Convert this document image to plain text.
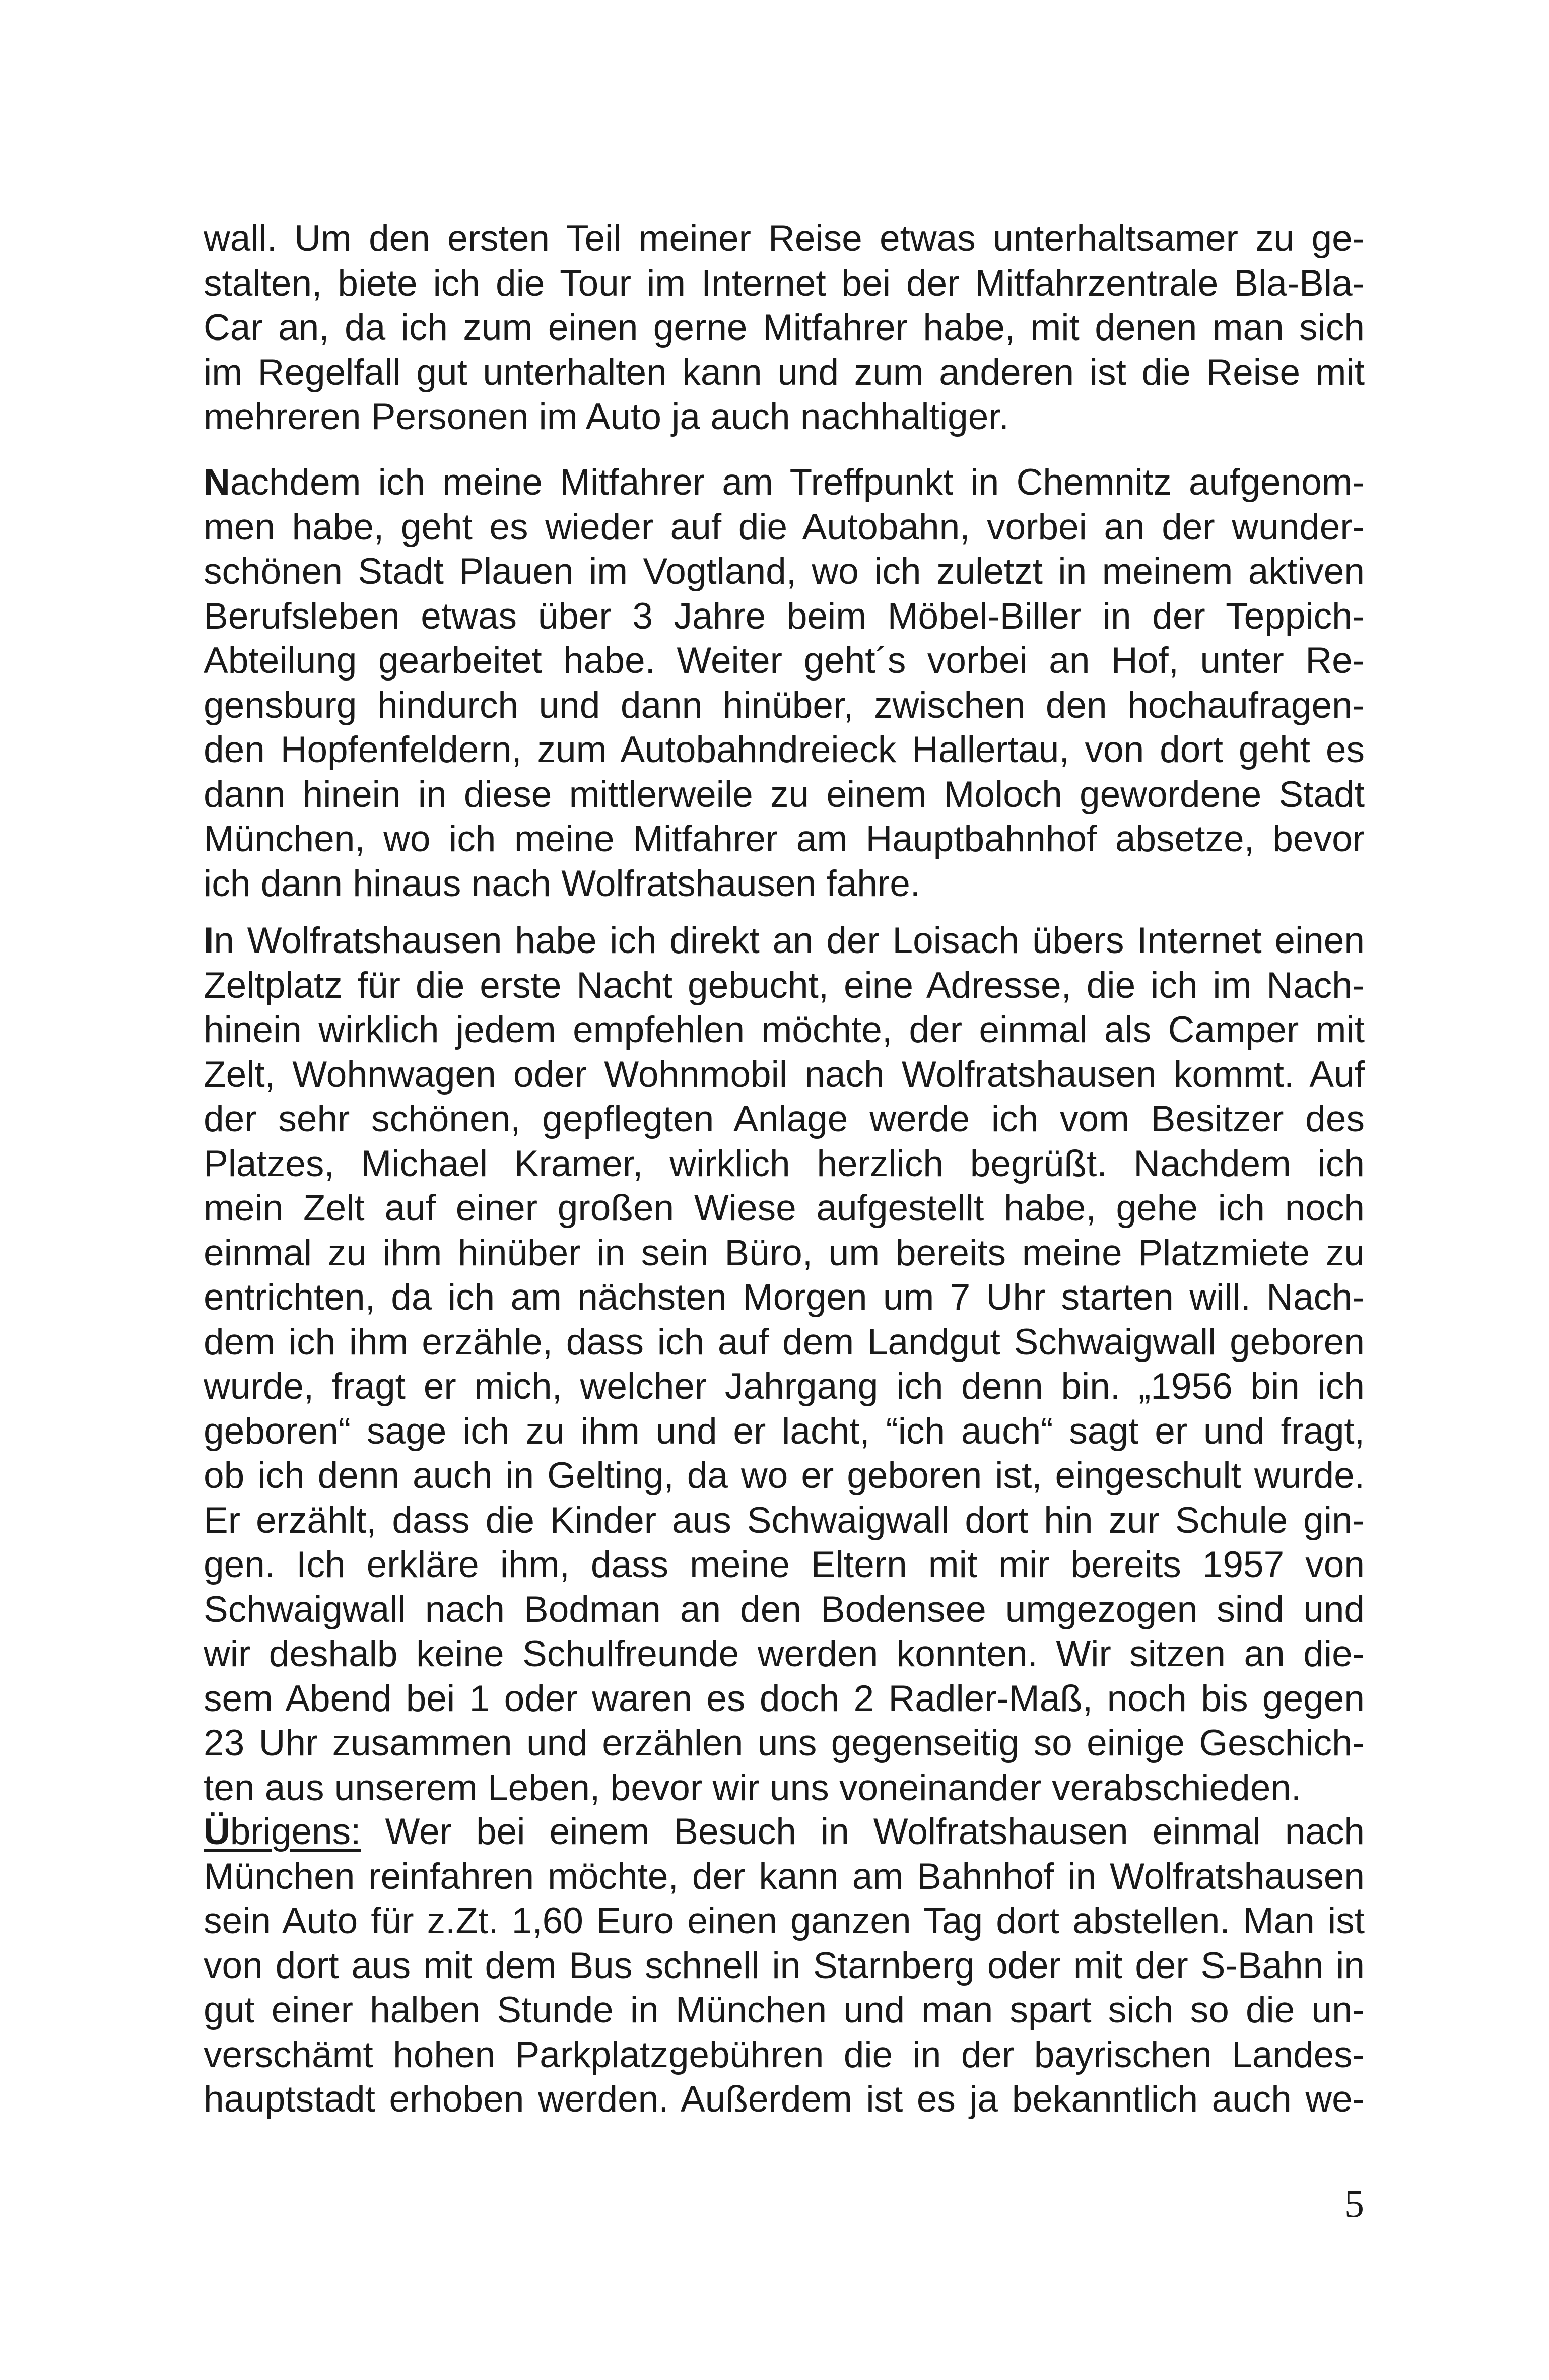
wall. Um den ersten Teil meiner Reise etwas unterhaltsamer zu ge-
stalten, biete ich die Tour im Internet bei der Mitfahrzentrale Bla-Bla-
Car an, da ich zum einen gerne Mitfahrer habe, mit denen man sich
im Regelfall gut unterhalten kann und zum anderen ist die Reise mit
mehreren Personen im Auto ja auch nachhaltiger.
Nachdem ich meine Mitfahrer am Treffpunkt in Chemnitz aufgenom-
men habe, geht es wieder auf die Autobahn, vorbei an der wunder-
schönen Stadt Plauen im Vogtland, wo ich zuletzt in meinem aktiven
Berufsleben etwas über 3 Jahre beim Möbel-Biller in der Teppich-
Abteilung gearbeitet habe. Weiter geht´s vorbei an Hof, unter Re-
gensburg hindurch und dann hinüber, zwischen den hochaufragen-
den Hopfenfeldern, zum Autobahndreieck Hallertau, von dort geht es
dann hinein in diese mittlerweile zu einem Moloch gewordene Stadt
München, wo ich meine Mitfahrer am Hauptbahnhof absetze, bevor
ich dann hinaus nach Wolfratshausen fahre.
In Wolfratshausen habe ich direkt an der Loisach übers Internet einen
Zeltplatz für die erste Nacht gebucht, eine Adresse, die ich im Nach-
hinein wirklich jedem empfehlen möchte, der einmal als Camper mit
Zelt, Wohnwagen oder Wohnmobil nach Wolfratshausen kommt. Auf
der sehr schönen, gepflegten Anlage werde ich vom Besitzer des
Platzes, Michael Kramer, wirklich herzlich begrüßt. Nachdem ich
mein Zelt auf einer großen Wiese aufgestellt habe, gehe ich noch
einmal zu ihm hinüber in sein Büro, um bereits meine Platzmiete zu
entrichten, da ich am nächsten Morgen um 7 Uhr starten will. Nach-
dem ich ihm erzähle, dass ich auf dem Landgut Schwaigwall geboren
wurde, fragt er mich, welcher Jahrgang ich denn bin. „1956 bin ich
geboren“ sage ich zu ihm und er lacht, “ich auch“ sagt er und fragt,
ob ich denn auch in Gelting, da wo er geboren ist, eingeschult wurde.
Er erzählt, dass die Kinder aus Schwaigwall dort hin zur Schule gin-
gen. Ich erkläre ihm, dass meine Eltern mit mir bereits 1957 von
Schwaigwall nach Bodman an den Bodensee umgezogen sind und
wir deshalb keine Schulfreunde werden konnten. Wir sitzen an die-
sem Abend bei 1 oder waren es doch 2 Radler-Maß, noch bis gegen
23 Uhr zusammen und erzählen uns gegenseitig so einige Geschich-
ten aus unserem Leben, bevor wir uns voneinander verabschieden.
Übrigens: Wer bei einem Besuch in Wolfratshausen einmal nach
München reinfahren möchte, der kann am Bahnhof in Wolfratshausen
sein Auto für z.Zt. 1,60 Euro einen ganzen Tag dort abstellen. Man ist
von dort aus mit dem Bus schnell in Starnberg oder mit der S-Bahn in
gut einer halben Stunde in München und man spart sich so die un-
verschämt hohen Parkplatzgebühren die in der bayrischen Landes-
hauptstadt erhoben werden. Außerdem ist es ja bekanntlich auch we-
5
